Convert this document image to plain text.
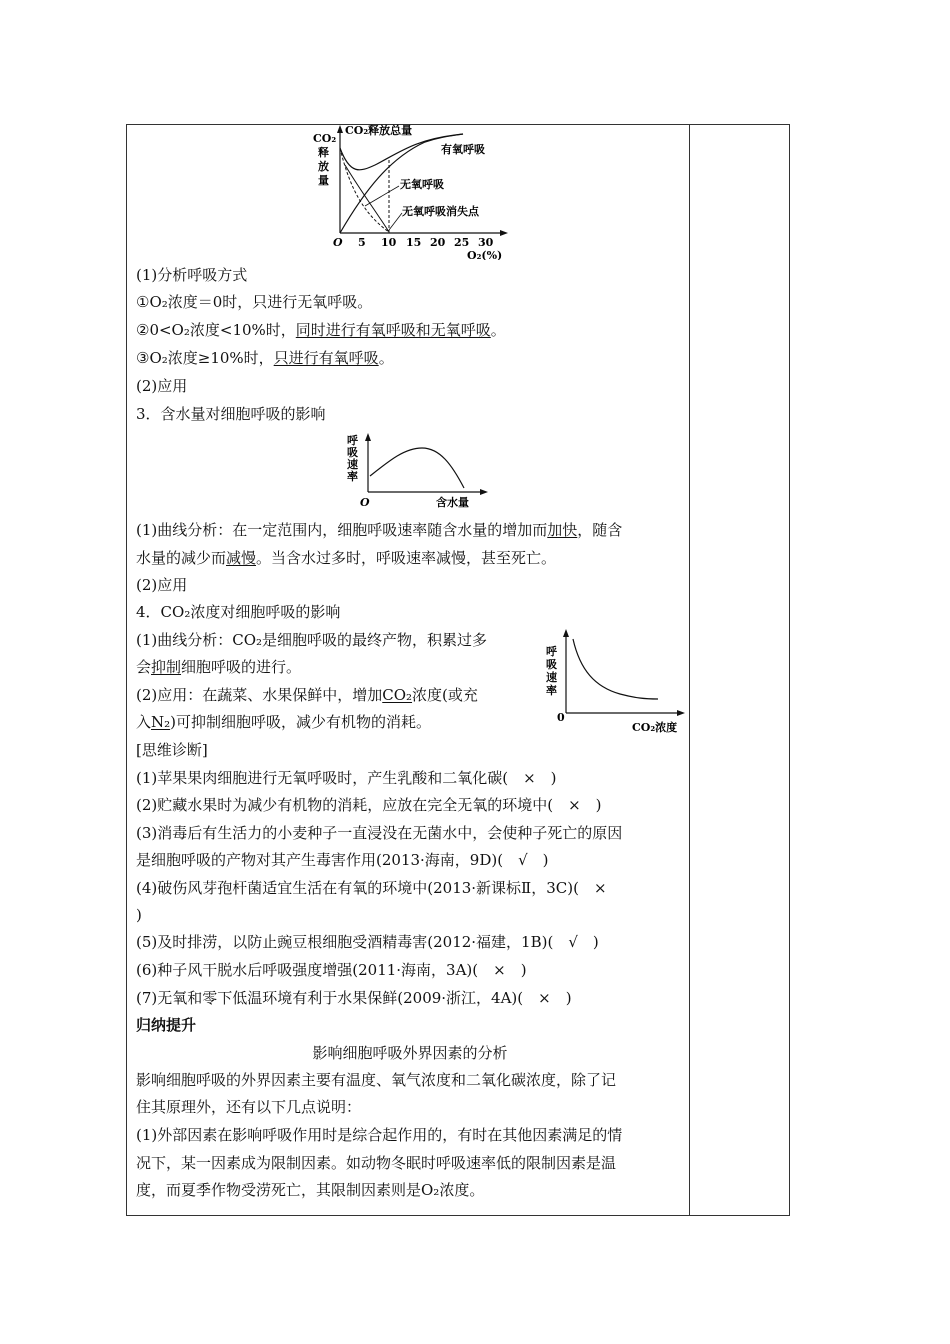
CO₂
释
放
量
CO₂释放总量
有氧呼吸
无氧呼吸
无氧呼吸消失点
O 5 10 15 20 25 30
O₂(%)
呼
吸
速
率
O	含水量
呼
吸
速
率
0
CO₂浓度
(1)分析呼吸方式
①O₂浓度＝0时，只进行无氧呼吸。
②0<O₂浓度<10%时，同时进行有氧呼吸和无氧呼吸。
③O₂浓度≥10%时，只进行有氧呼吸。
(2)应用
3．含水量对细胞呼吸的影响
(1)曲线分析：在一定范围内，细胞呼吸速率随含水量的增加而加快，随含
水量的减少而减慢。当含水过多时，呼吸速率减慢，甚至死亡。
(2)应用
4．CO₂浓度对细胞呼吸的影响
(1)曲线分析：CO₂是细胞呼吸的最终产物，积累过多
会抑制细胞呼吸的进行。
(2)应用：在蔬菜、水果保鲜中，增加CO₂浓度(或充
入N₂)可抑制细胞呼吸，减少有机物的消耗。
[思维诊断]
(1)苹果果肉细胞进行无氧呼吸时，产生乳酸和二氧化碳(　×　)
(2)贮藏水果时为减少有机物的消耗，应放在完全无氧的环境中(　×　)
(3)消毒后有生活力的小麦种子一直浸没在无菌水中，会使种子死亡的原因
是细胞呼吸的产物对其产生毒害作用(2013·海南，9D)(　√　)
(4)破伤风芽孢杆菌适宜生活在有氧的环境中(2013·新课标Ⅱ，3C)(　×
)
(5)及时排涝，以防止豌豆根细胞受酒精毒害(2012·福建，1B)(　√　)
(6)种子风干脱水后呼吸强度增强(2011·海南，3A)(　×　)
(7)无氧和零下低温环境有利于水果保鲜(2009·浙江，4A)(　×　)
归纳提升
影响细胞呼吸外界因素的分析
影响细胞呼吸的外界因素主要有温度、氧气浓度和二氧化碳浓度，除了记
住其原理外，还有以下几点说明：
(1)外部因素在影响呼吸作用时是综合起作用的，有时在其他因素满足的情
况下，某一因素成为限制因素。如动物冬眠时呼吸速率低的限制因素是温
度，而夏季作物受涝死亡，其限制因素则是O₂浓度。
